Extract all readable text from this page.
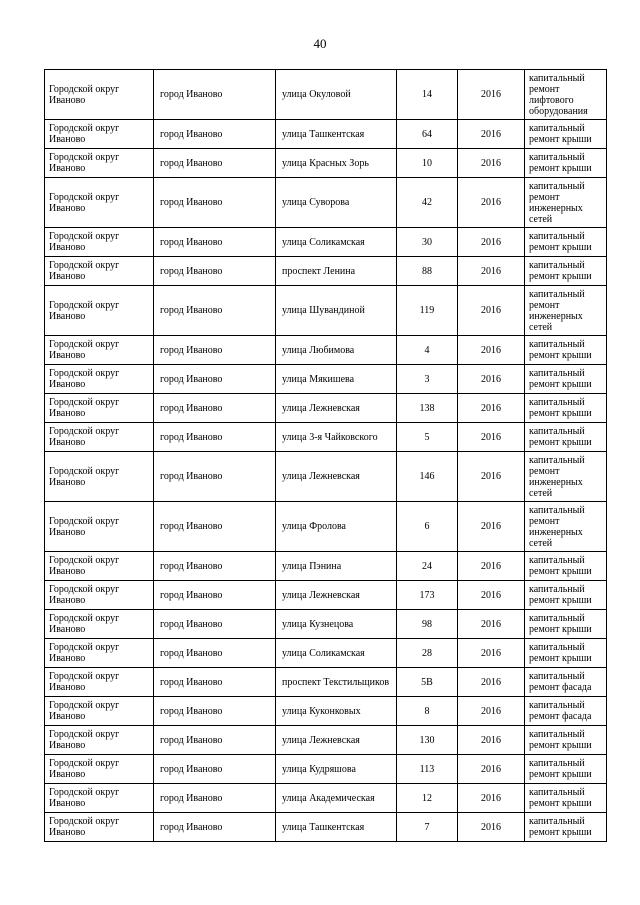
40
Городской округ Иваново	город Иваново	улица Окуловой	14	2016	капитальный ремонт лифтового оборудования
Городской округ Иваново	город Иваново	улица Ташкентская	64	2016	капитальный ремонт крыши
Городской округ Иваново	город Иваново	улица Красных Зорь	10	2016	капитальный ремонт крыши
Городской округ Иваново	город Иваново	улица Суворова	42	2016	капитальный ремонт инженерных сетей
Городской округ Иваново	город Иваново	улица Соликамская	30	2016	капитальный ремонт крыши
Городской округ Иваново	город Иваново	проспект Ленина	88	2016	капитальный ремонт крыши
Городской округ Иваново	город Иваново	улица Шувандиной	119	2016	капитальный ремонт инженерных сетей
Городской округ Иваново	город Иваново	улица Любимова	4	2016	капитальный ремонт крыши
Городской округ Иваново	город Иваново	улица Мякишева	3	2016	капитальный ремонт крыши
Городской округ Иваново	город Иваново	улица Лежневская	138	2016	капитальный ремонт крыши
Городской округ Иваново	город Иваново	улица 3-я Чайковского	5	2016	капитальный ремонт крыши
Городской округ Иваново	город Иваново	улица Лежневская	146	2016	капитальный ремонт инженерных сетей
Городской округ Иваново	город Иваново	улица Фролова	6	2016	капитальный ремонт инженерных сетей
Городской округ Иваново	город Иваново	улица Пэнина	24	2016	капитальный ремонт крыши
Городской округ Иваново	город Иваново	улица Лежневская	173	2016	капитальный ремонт крыши
Городской округ Иваново	город Иваново	улица Кузнецова	98	2016	капитальный ремонт крыши
Городской округ Иваново	город Иваново	улица Соликамская	28	2016	капитальный ремонт крыши
Городской округ Иваново	город Иваново	проспект Текстильщиков	5В	2016	капитальный ремонт фасада
Городской округ Иваново	город Иваново	улица Куконковых	8	2016	капитальный ремонт фасада
Городской округ Иваново	город Иваново	улица Лежневская	130	2016	капитальный ремонт крыши
Городской округ Иваново	город Иваново	улица Кудряшова	113	2016	капитальный ремонт крыши
Городской округ Иваново	город Иваново	улица Академическая	12	2016	капитальный ремонт крыши
Городской округ Иваново	город Иваново	улица Ташкентская	7	2016	капитальный ремонт крыши
